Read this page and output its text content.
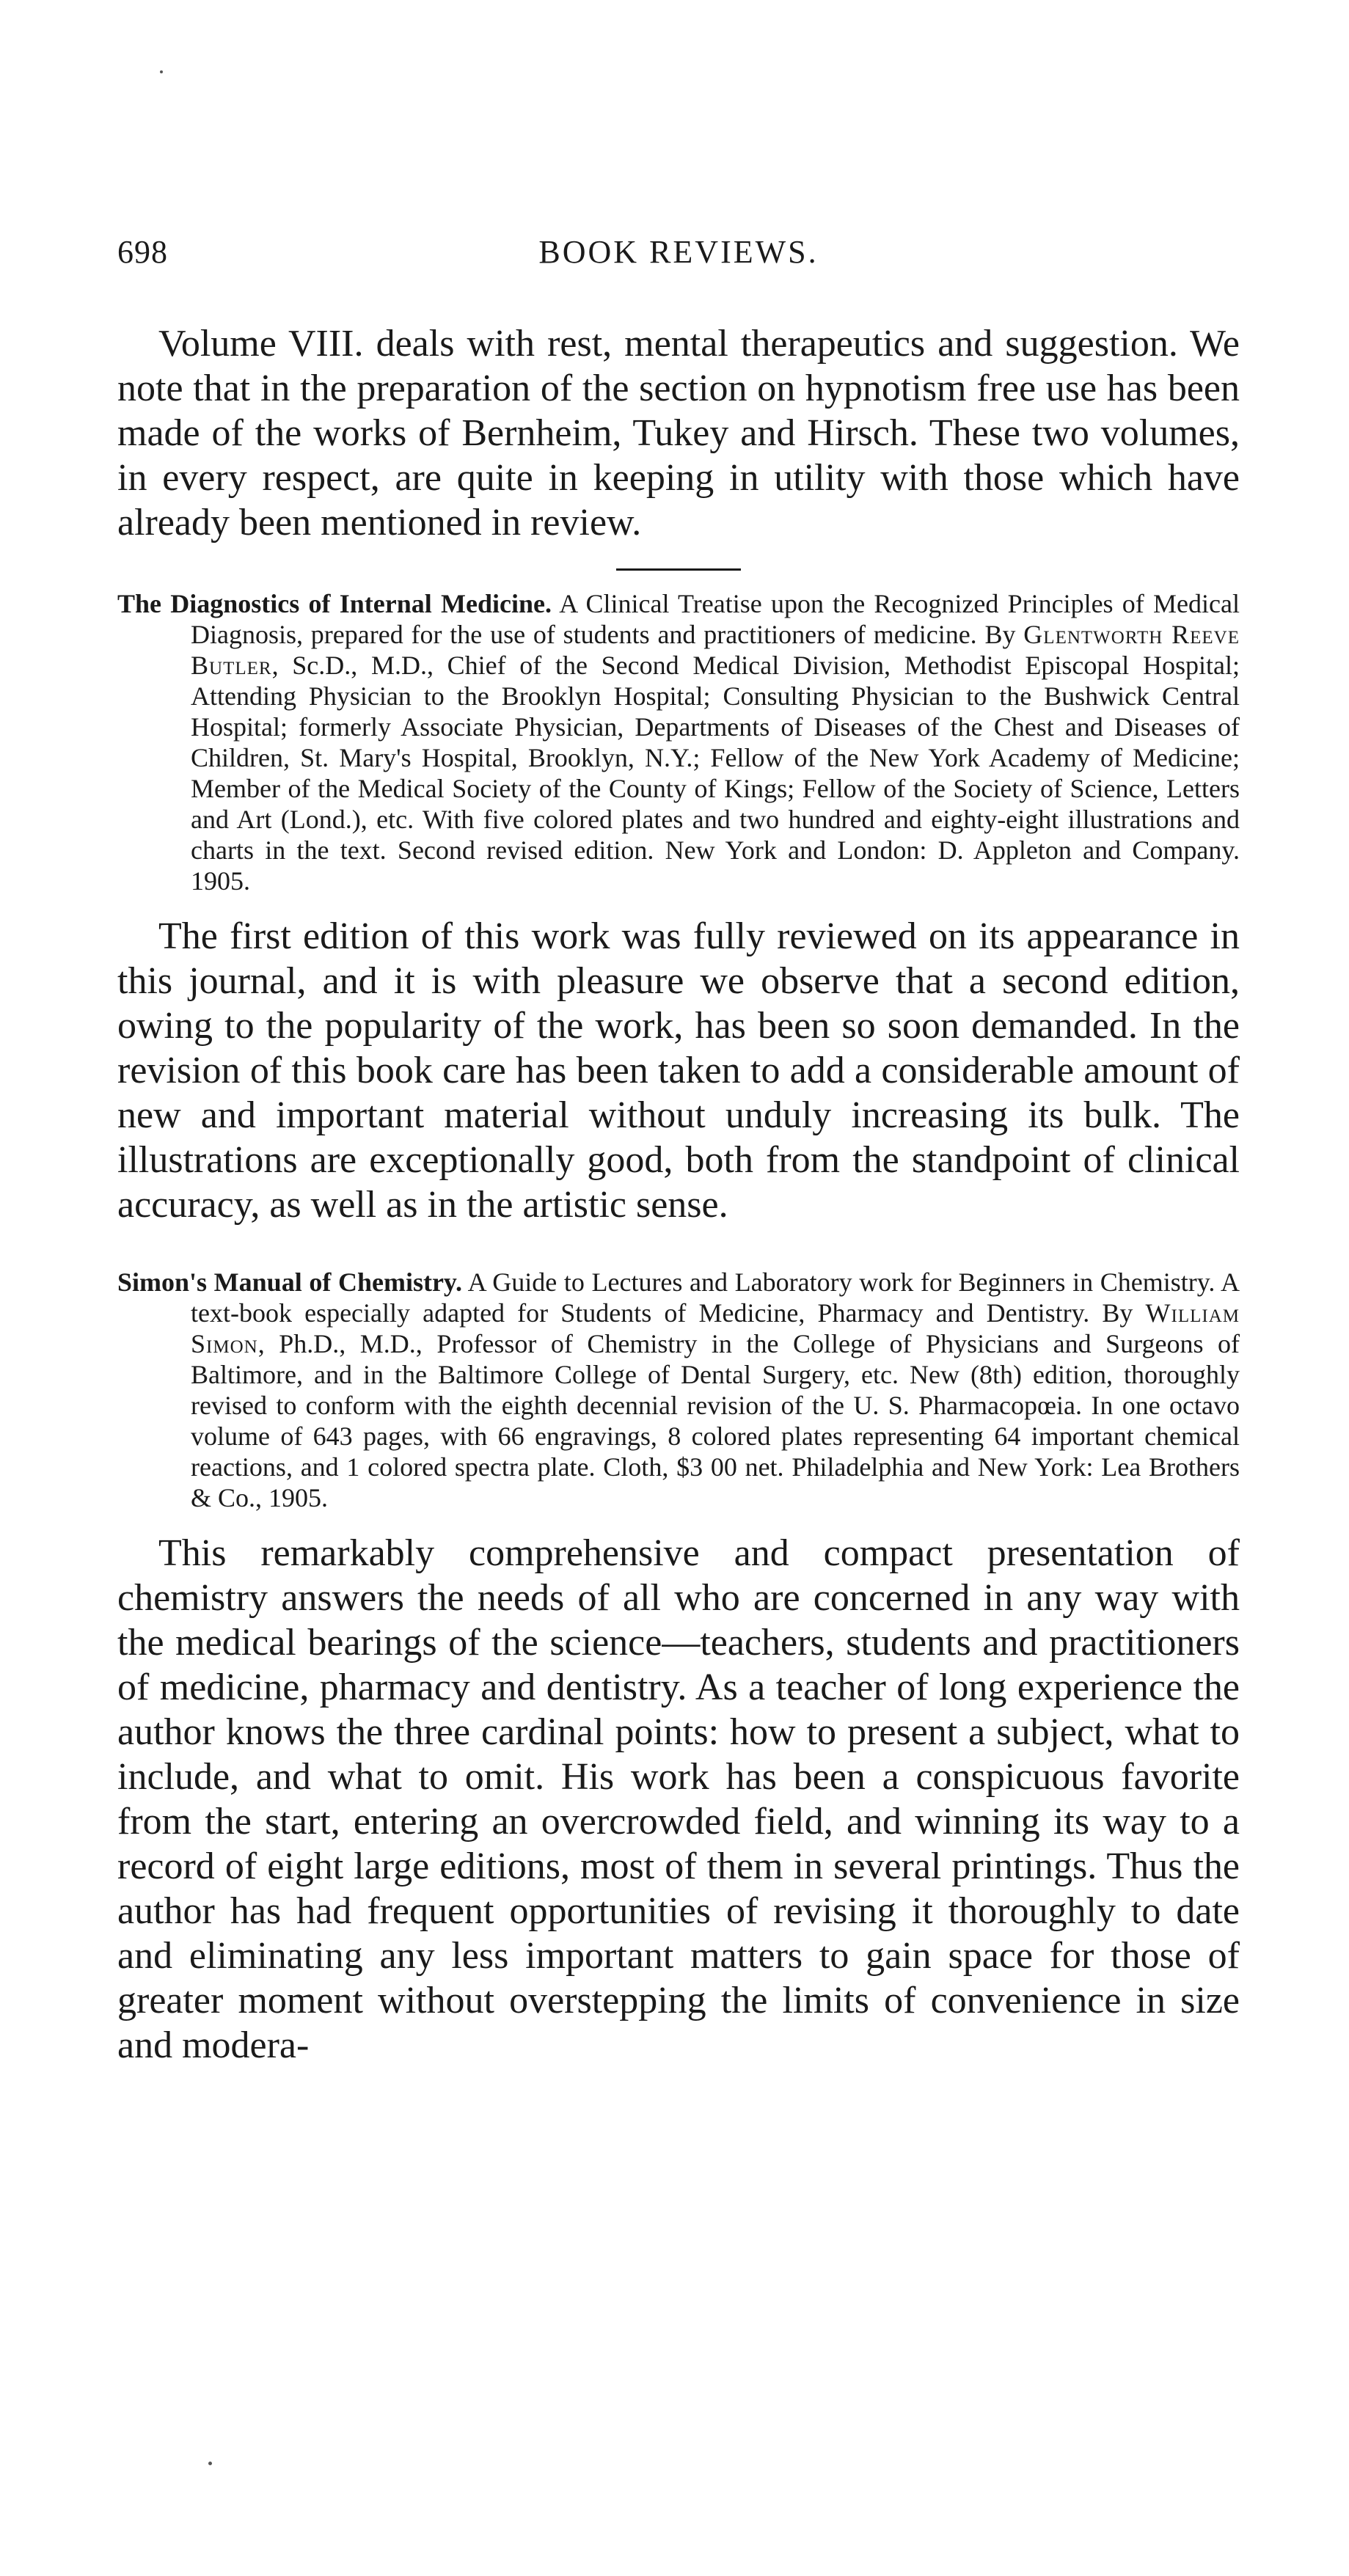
698	BOOK REVIEWS.

Volume VIII. deals with rest, mental therapeutics and suggestion. We note that in the preparation of the section on hypnotism free use has been made of the works of Bernheim, Tukey and Hirsch. These two volumes, in every respect, are quite in keeping in utility with those which have already been mentioned in review.

The Diagnostics of Internal Medicine. A Clinical Treatise upon the Recognized Principles of Medical Diagnosis, prepared for the use of students and practitioners of medicine. By Glentworth Reeve Butler, Sc.D., M.D., Chief of the Second Medical Division, Methodist Episcopal Hospital; Attending Physician to the Brooklyn Hospital; Consulting Physician to the Bushwick Central Hospital; formerly Associate Physician, Departments of Diseases of the Chest and Diseases of Children, St. Mary's Hospital, Brooklyn, N.Y.; Fellow of the New York Academy of Medicine; Member of the Medical Society of the County of Kings; Fellow of the Society of Science, Letters and Art (Lond.), etc. With five colored plates and two hundred and eighty-eight illustrations and charts in the text. Second revised edition. New York and London: D. Appleton and Company. 1905.

The first edition of this work was fully reviewed on its appearance in this journal, and it is with pleasure we observe that a second edition, owing to the popularity of the work, has been so soon demanded. In the revision of this book care has been taken to add a considerable amount of new and important material without unduly increasing its bulk. The illustrations are exceptionally good, both from the standpoint of clinical accuracy, as well as in the artistic sense.

Simon's Manual of Chemistry. A Guide to Lectures and Laboratory work for Beginners in Chemistry. A text-book especially adapted for Students of Medicine, Pharmacy and Dentistry. By William Simon, Ph.D., M.D., Professor of Chemistry in the College of Physicians and Surgeons of Baltimore, and in the Baltimore College of Dental Surgery, etc. New (8th) edition, thoroughly revised to conform with the eighth decennial revision of the U. S. Pharmacopœia. In one octavo volume of 643 pages, with 66 engravings, 8 colored plates representing 64 important chemical reactions, and 1 colored spectra plate. Cloth, $3 00 net. Philadelphia and New York: Lea Brothers & Co., 1905.

This remarkably comprehensive and compact presentation of chemistry answers the needs of all who are concerned in any way with the medical bearings of the science—teachers, students and practitioners of medicine, pharmacy and dentistry. As a teacher of long experience the author knows the three cardinal points: how to present a subject, what to include, and what to omit. His work has been a conspicuous favorite from the start, entering an overcrowded field, and winning its way to a record of eight large editions, most of them in several printings. Thus the author has had frequent opportunities of revising it thoroughly to date and eliminating any less important matters to gain space for those of greater moment without overstepping the limits of convenience in size and modera-
